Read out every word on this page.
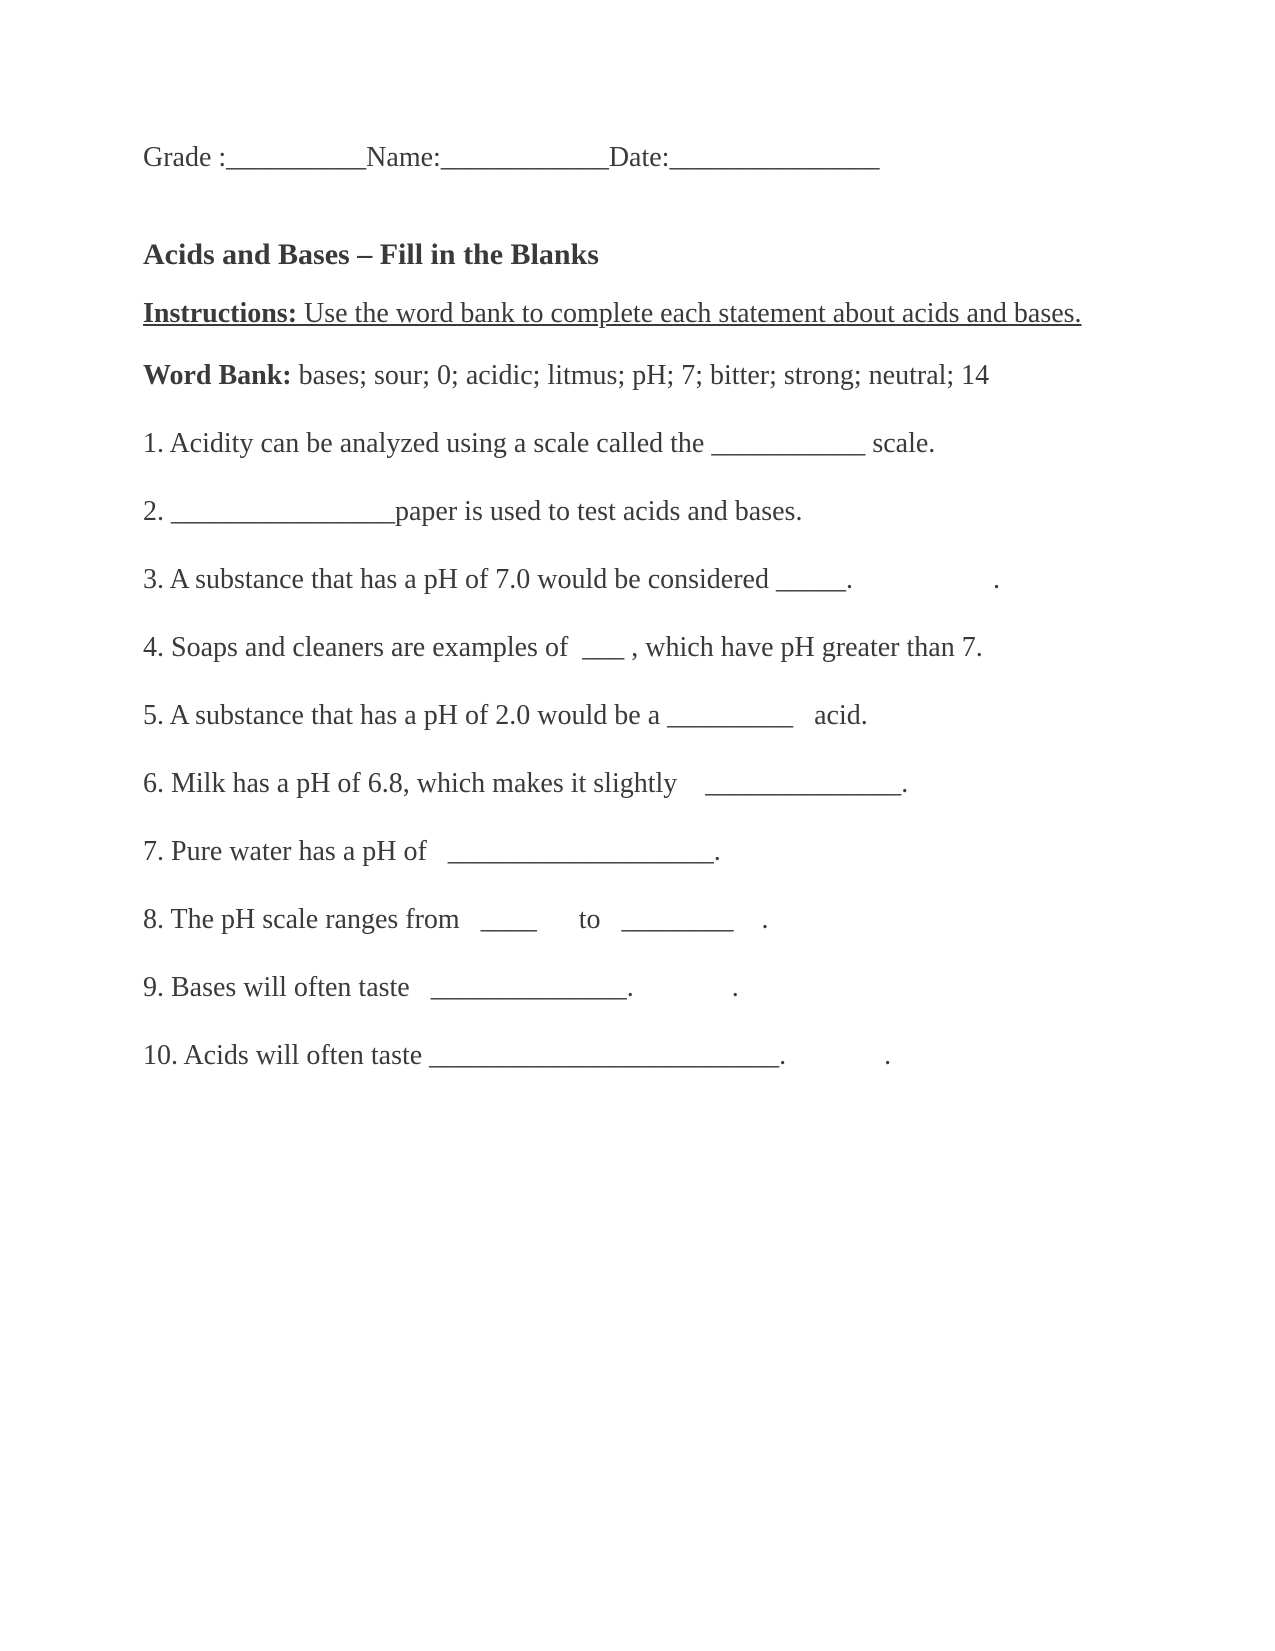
Grade :__________Name:____________Date:_______________

Acids and Bases – Fill in the Blanks

Instructions: Use the word bank to complete each statement about acids and bases.

Word Bank: bases; sour; 0; acidic; litmus; pH; 7; bitter; strong; neutral; 14

1. Acidity can be analyzed using a scale called the ___________ scale.

2. ________________paper is used to test acids and bases.

3. A substance that has a pH of 7.0 would be considered _____.                    .

4. Soaps and cleaners are examples of  ___ , which have pH greater than 7.

5. A substance that has a pH of 2.0 would be a _________   acid.

6. Milk has a pH of 6.8, which makes it slightly    ______________.

7. Pure water has a pH of   ___________________.

8. The pH scale ranges from   ____      to   ________    .

9. Bases will often taste   ______________.              .

10. Acids will often taste _________________________.              .
